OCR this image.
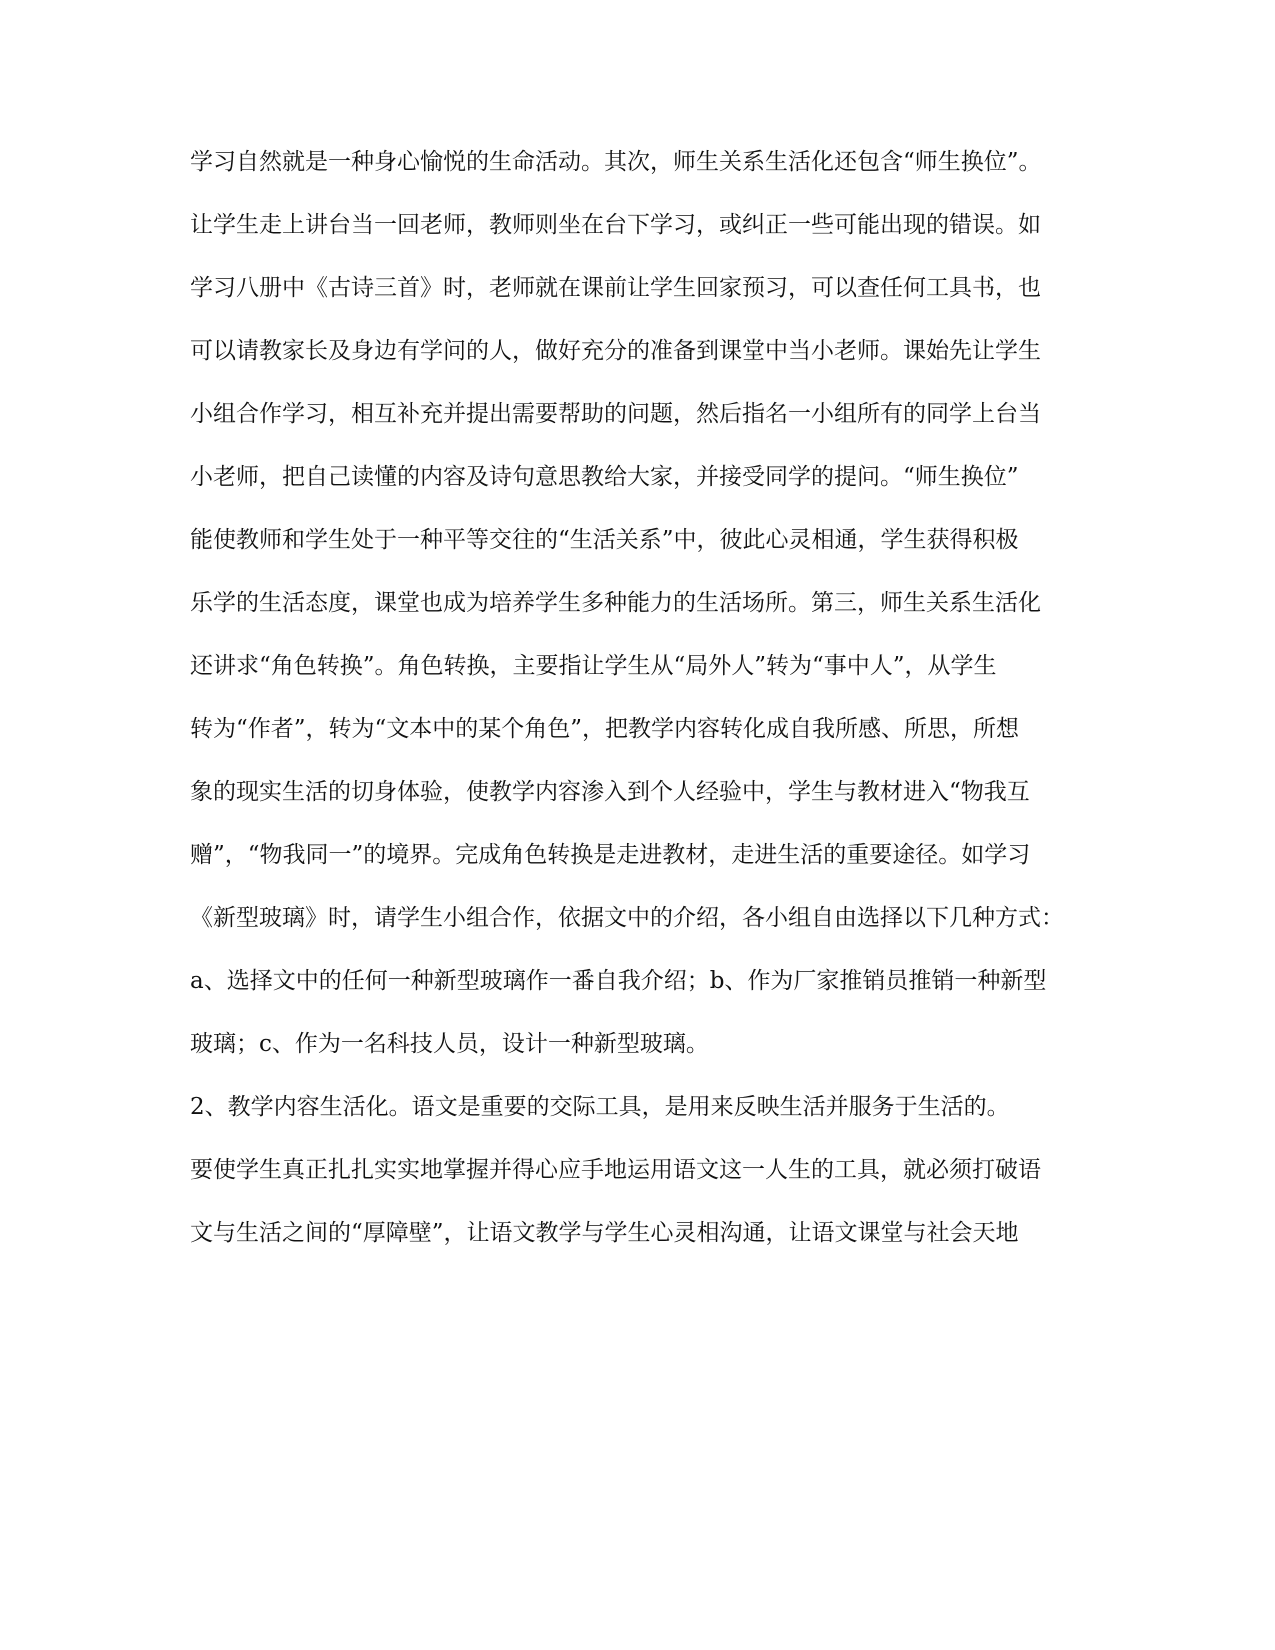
学习自然就是一种身心愉悦的生命活动。其次，师生关系生活化还包含“师生换位”。

让学生走上讲台当一回老师，教师则坐在台下学习，或纠正一些可能出现的错误。如

学习八册中《古诗三首》时，老师就在课前让学生回家预习，可以查任何工具书，也

可以请教家长及身边有学问的人，做好充分的准备到课堂中当小老师。课始先让学生

小组合作学习，相互补充并提出需要帮助的问题，然后指名一小组所有的同学上台当

小老师，把自己读懂的内容及诗句意思教给大家，并接受同学的提问。“师生换位”

能使教师和学生处于一种平等交往的“生活关系”中，彼此心灵相通，学生获得积极

乐学的生活态度，课堂也成为培养学生多种能力的生活场所。第三，师生关系生活化

还讲求“角色转换”。角色转换，主要指让学生从“局外人”转为“事中人”，从学生

转为“作者”，转为“文本中的某个角色”，把教学内容转化成自我所感、所思，所想

象的现实生活的切身体验，使教学内容渗入到个人经验中，学生与教材进入“物我互

赠”，“物我同一”的境界。完成角色转换是走进教材，走进生活的重要途径。如学习

《新型玻璃》时，请学生小组合作，依据文中的介绍，各小组自由选择以下几种方式：

a、选择文中的任何一种新型玻璃作一番自我介绍；b、作为厂家推销员推销一种新型

玻璃；c、作为一名科技人员，设计一种新型玻璃。

2、教学内容生活化。语文是重要的交际工具，是用来反映生活并服务于生活的。

要使学生真正扎扎实实地掌握并得心应手地运用语文这一人生的工具，就必须打破语

文与生活之间的“厚障壁”，让语文教学与学生心灵相沟通，让语文课堂与社会天地
